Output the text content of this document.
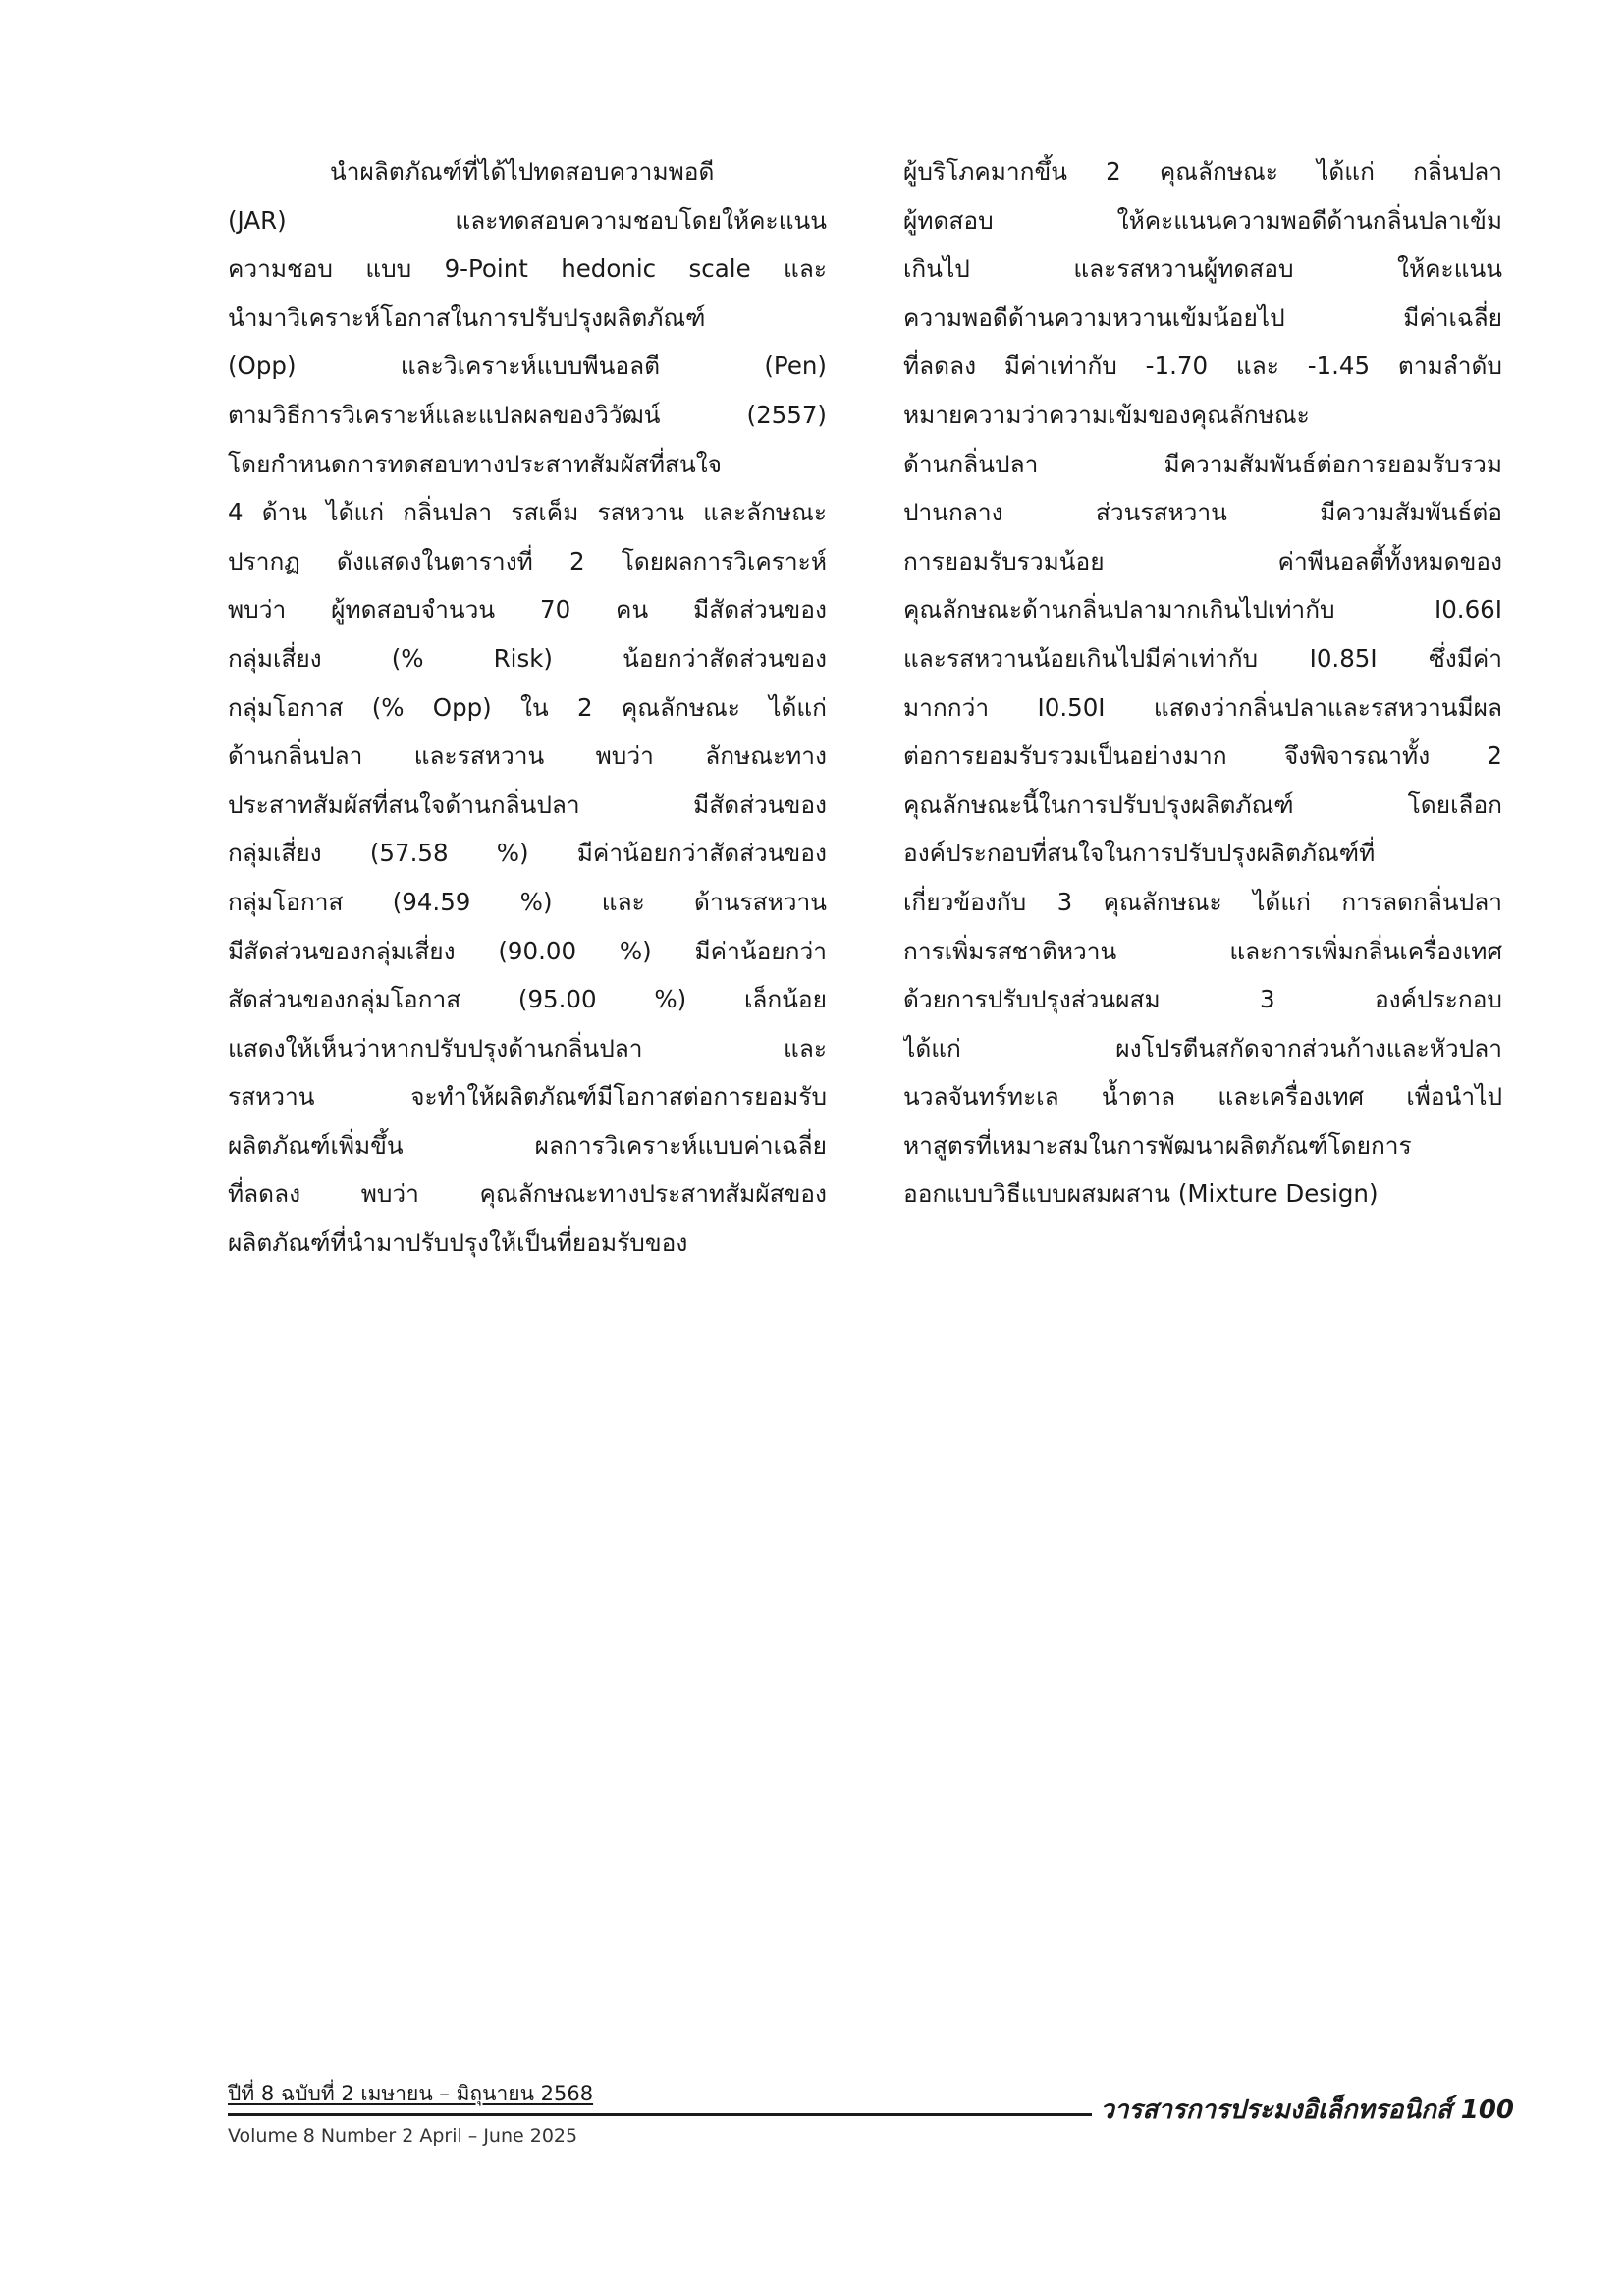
นำผลิตภัณฑ์ที่ได้ไปทดสอบความพอดี
(JAR) และทดสอบความชอบโดยให้คะแนน
ความชอบ แบบ 9-Point hedonic scale และ
นำมาวิเคราะห์โอกาสในการปรับปรุงผลิตภัณฑ์
(Opp) และวิเคราะห์แบบพีนอลตี (Pen)
ตามวิธีการวิเคราะห์และแปลผลของวิวัฒน์ (2557)
โดยกำหนดการทดสอบทางประสาทสัมผัสที่สนใจ
4 ด้าน ได้แก่ กลิ่นปลา รสเค็ม รสหวาน และลักษณะ
ปรากฏ ดังแสดงในตารางที่ 2 โดยผลการวิเคราะห์
พบว่า ผู้ทดสอบจำนวน 70 คน มีสัดส่วนของ
กลุ่มเสี่ยง (% Risk) น้อยกว่าสัดส่วนของ
กลุ่มโอกาส (% Opp) ใน 2 คุณลักษณะ ได้แก่
ด้านกลิ่นปลา และรสหวาน พบว่า ลักษณะทาง
ประสาทสัมผัสที่สนใจด้านกลิ่นปลา มีสัดส่วนของ
กลุ่มเสี่ยง (57.58 %) มีค่าน้อยกว่าสัดส่วนของ
กลุ่มโอกาส (94.59 %) และ ด้านรสหวาน
มีสัดส่วนของกลุ่มเสี่ยง (90.00 %) มีค่าน้อยกว่า
สัดส่วนของกลุ่มโอกาส (95.00 %) เล็กน้อย
แสดงให้เห็นว่าหากปรับปรุงด้านกลิ่นปลา และ
รสหวาน จะทำให้ผลิตภัณฑ์มีโอกาสต่อการยอมรับ
ผลิตภัณฑ์เพิ่มขึ้น ผลการวิเคราะห์แบบค่าเฉลี่ย
ที่ลดลง พบว่า คุณลักษณะทางประสาทสัมผัสของ
ผลิตภัณฑ์ที่นำมาปรับปรุงให้เป็นที่ยอมรับของ
ผู้บริโภคมากขึ้น 2 คุณลักษณะ ได้แก่ กลิ่นปลา
ผู้ทดสอบ ให้คะแนนความพอดีด้านกลิ่นปลาเข้ม
เกินไป และรสหวานผู้ทดสอบ ให้คะแนน
ความพอดีด้านความหวานเข้มน้อยไป มีค่าเฉลี่ย
ที่ลดลง มีค่าเท่ากับ -1.70 และ -1.45 ตามลำดับ
หมายความว่าความเข้มของคุณลักษณะ
ด้านกลิ่นปลา มีความสัมพันธ์ต่อการยอมรับรวม
ปานกลาง ส่วนรสหวาน มีความสัมพันธ์ต่อ
การยอมรับรวมน้อย ค่าพีนอลตี้ทั้งหมดของ
คุณลักษณะด้านกลิ่นปลามากเกินไปเท่ากับ I0.66I
และรสหวานน้อยเกินไปมีค่าเท่ากับ I0.85I ซึ่งมีค่า
มากกว่า I0.50I แสดงว่ากลิ่นปลาและรสหวานมีผล
ต่อการยอมรับรวมเป็นอย่างมาก จึงพิจารณาทั้ง 2
คุณลักษณะนี้ในการปรับปรุงผลิตภัณฑ์ โดยเลือก
องค์ประกอบที่สนใจในการปรับปรุงผลิตภัณฑ์ที่
เกี่ยวข้องกับ 3 คุณลักษณะ ได้แก่ การลดกลิ่นปลา
การเพิ่มรสชาติหวาน และการเพิ่มกลิ่นเครื่องเทศ
ด้วยการปรับปรุงส่วนผสม 3 องค์ประกอบ
ได้แก่ ผงโปรตีนสกัดจากส่วนก้างและหัวปลา
นวลจันทร์ทะเล น้ำตาล และเครื่องเทศ เพื่อนำไป
หาสูตรที่เหมาะสมในการพัฒนาผลิตภัณฑ์โดยการ
ออกแบบวิธีแบบผสมผสาน (Mixture Design)
ปีที่ 8 ฉบับที่ 2 เมษายน – มิถุนายน 2568
วารสารการประมงอิเล็กทรอนิกส์ 100
Volume 8 Number 2 April – June 2025
